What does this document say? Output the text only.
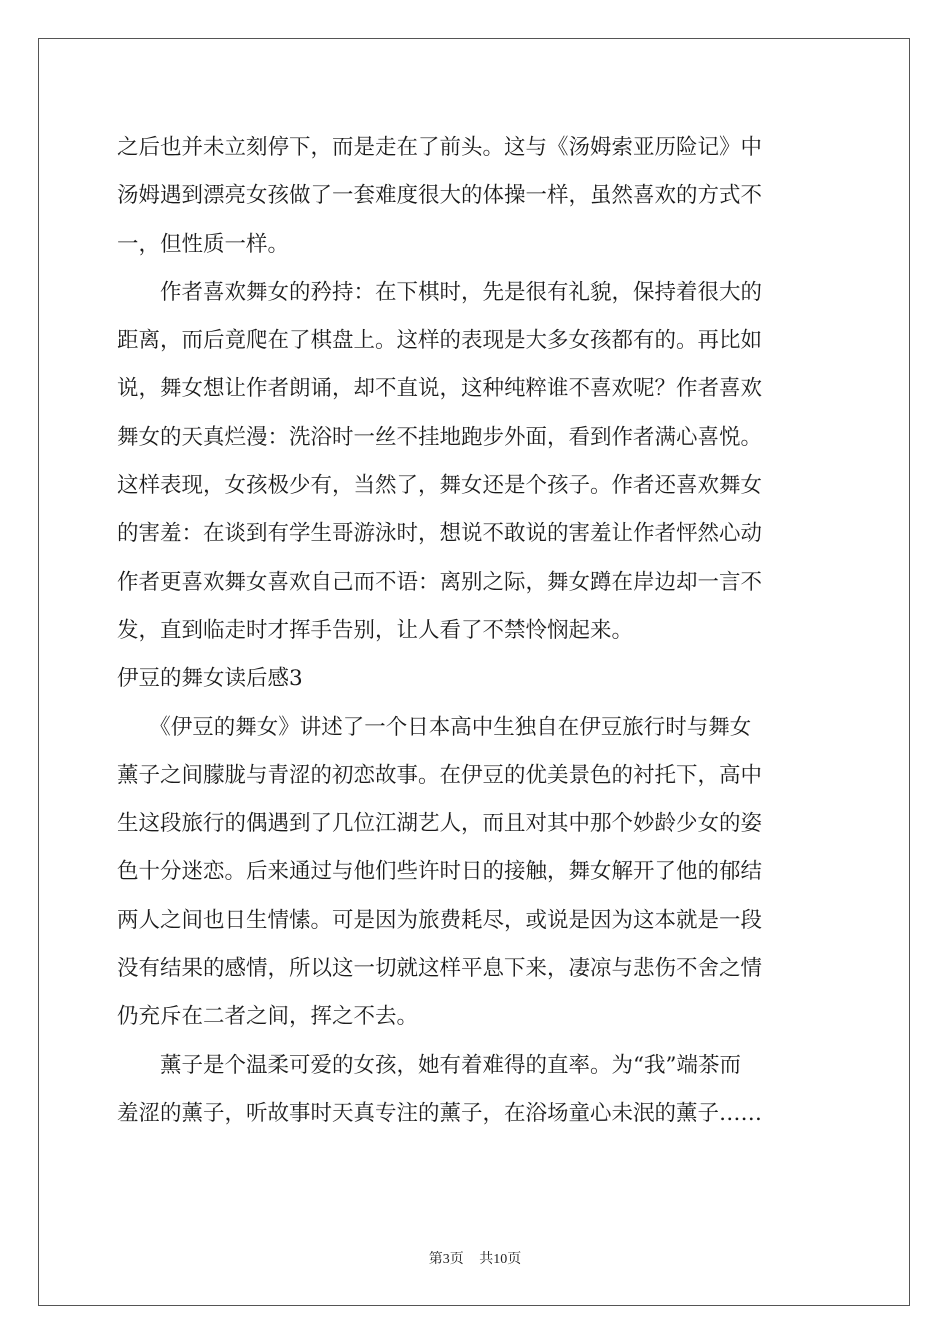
之后也并未立刻停下，而是走在了前头。这与《汤姆索亚历险记》中

汤姆遇到漂亮女孩做了一套难度很大的体操一样，虽然喜欢的方式不

一，但性质一样。

　　作者喜欢舞女的矜持：在下棋时，先是很有礼貌，保持着很大的

距离，而后竟爬在了棋盘上。这样的表现是大多女孩都有的。再比如

说，舞女想让作者朗诵，却不直说，这种纯粹谁不喜欢呢？作者喜欢

舞女的天真烂漫：洗浴时一丝不挂地跑步外面，看到作者满心喜悦。

这样表现，女孩极少有，当然了，舞女还是个孩子。作者还喜欢舞女

的害羞：在谈到有学生哥游泳时，想说不敢说的害羞让作者怦然心动

作者更喜欢舞女喜欢自己而不语：离别之际，舞女蹲在岸边却一言不

发，直到临走时才挥手告别，让人看了不禁怜悯起来。

伊豆的舞女读后感3

　　《伊豆的舞女》讲述了一个日本高中生独自在伊豆旅行时与舞女

薰子之间朦胧与青涩的初恋故事。在伊豆的优美景色的衬托下，高中

生这段旅行的偶遇到了几位江湖艺人，而且对其中那个妙龄少女的姿

色十分迷恋。后来通过与他们些许时日的接触，舞女解开了他的郁结

两人之间也日生情愫。可是因为旅费耗尽，或说是因为这本就是一段

没有结果的感情，所以这一切就这样平息下来，凄凉与悲伤不舍之情

仍充斥在二者之间，挥之不去。

　　薰子是个温柔可爱的女孩，她有着难得的直率。为“我”端茶而

羞涩的薰子，听故事时天真专注的薰子，在浴场童心未泯的薰子……

第3页 共10页
